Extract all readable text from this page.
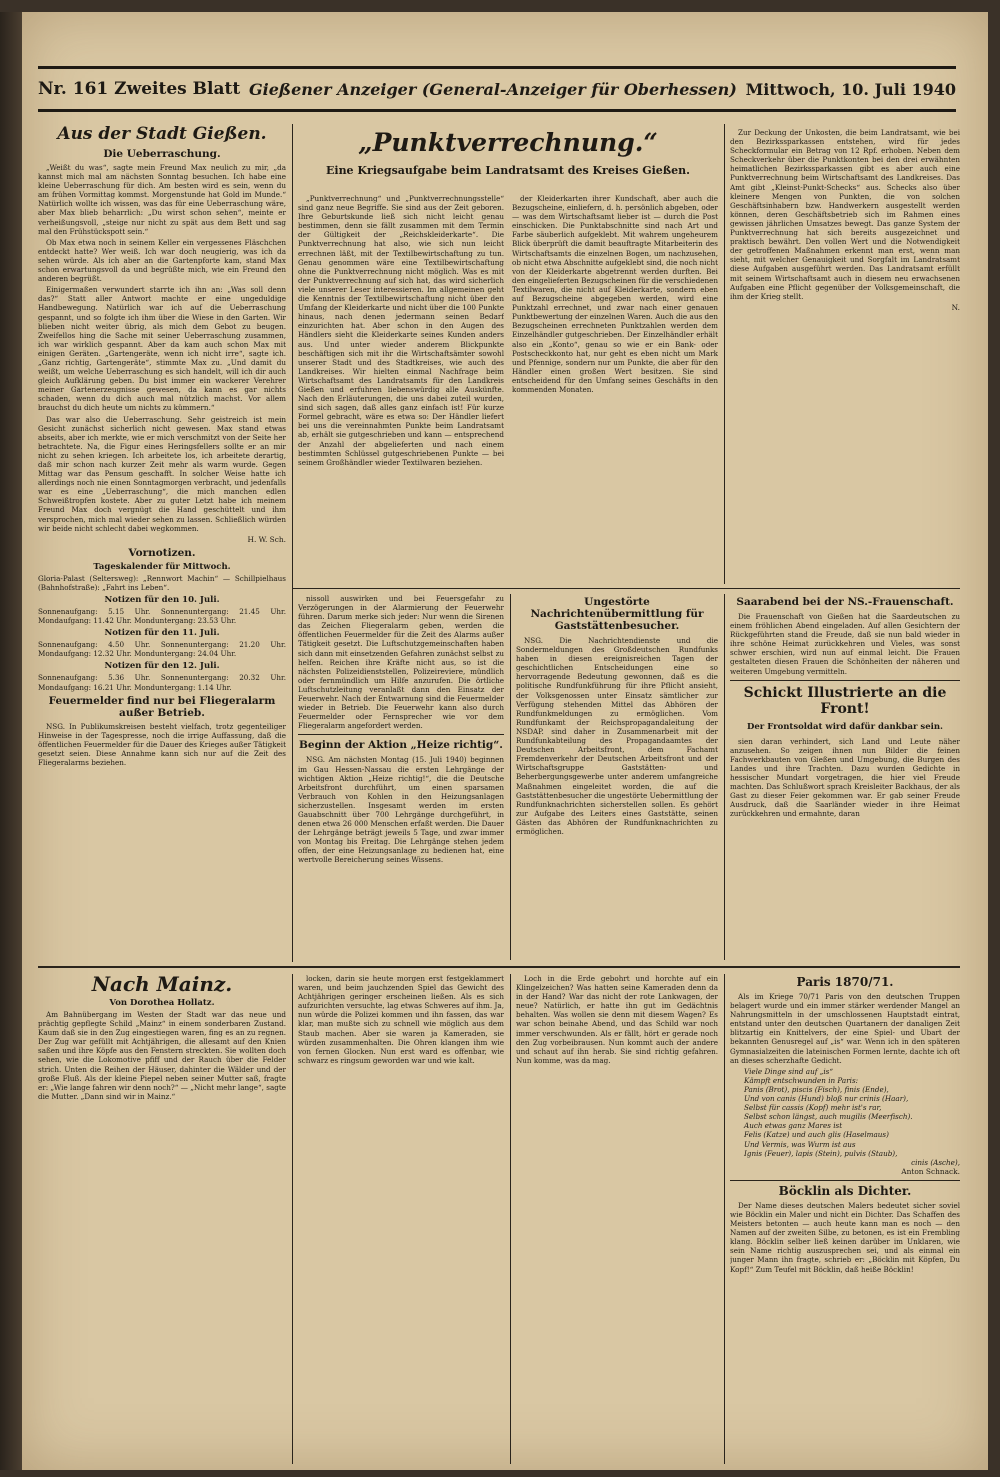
Nr. 161 Zweites Blatt Gießener Anzeiger (General-Anzeiger für Oberhessen) Mittwoch, 10. Juli 1940
Aus der Stadt Gießen.
Die Ueberraschung.

„Weißt du was“, sagte mein Freund Max neulich zu mir, „da kannst mich mal am nächsten Sonntag besuchen. Ich habe eine kleine Ueberraschung für dich. Am besten wird es sein, wenn du am frühen Vormittag kommst. Morgenstunde hat Gold im Munde.“ Natürlich wollte ich wissen, was das für eine Ueberraschung wäre, aber Max blieb beharrlich: „Du wirst schon sehen“, meinte er verheißungsvoll, „steige nur nicht zu spät aus dem Bett und sag mal den Frühstückspott sein.“

Ob Max etwa noch in seinem Keller ein vergessenes Fläschchen entdeckt hatte? Wer weiß. Ich war doch neugierig, was ich da sehen würde. Als ich aber an die Gartenpforte kam, stand Max schon erwartungsvoll da und begrüßte mich, wie ein Freund den anderen begrüßt.

Einigermaßen verwundert starrte ich ihn an: „Was soll denn das?“ Statt aller Antwort machte er eine ungeduldige Handbewegung. Natürlich war ich auf die Ueberraschung gespannt, und so folgte ich ihm über die Wiese in den Garten. Wir blieben nicht weiter übrig, als mich dem Gebot zu beugen. Zweifellos hing die Sache mit seiner Ueberraschung zusammen, ich war wirklich gespannt. Aber da kam auch schon Max mit einigen Geräten. „Gartengeräte, wenn ich nicht irre“, sagte ich. „Ganz richtig, Gartengeräte“, stimmte Max zu. „Und damit du weißt, um welche Ueberraschung es sich handelt, will ich dir auch gleich Aufklärung geben. Du bist immer ein wackerer Verehrer meiner Gartenerzeugnisse gewesen, da kann es gar nichts schaden, wenn du dich auch mal nützlich machst. Vor allem brauchst du dich heute um nichts zu kümmern.“

Das war also die Ueberraschung. Sehr geistreich ist mein Gesicht zunächst sicherlich nicht gewesen. Max stand etwas abseits, aber ich merkte, wie er mich verschmitzt von der Seite her betrachtete. Na, die Figur eines Heringsfellers sollte er an mir nicht zu sehen kriegen. Ich arbeitete los, ich arbeitete derartig, daß mir schon nach kurzer Zeit mehr als warm wurde. Gegen Mittag war das Pensum geschafft. In solcher Weise hatte ich allerdings noch nie einen Sonntagmorgen verbracht, und jedenfalls war es eine „Ueberraschung“, die mich manchen edlen Schweißtropfen kostete. Aber zu guter Letzt habe ich meinem Freund Max doch vergnügt die Hand geschüttelt und ihm versprochen, mich mal wieder sehen zu lassen. Schließlich würden wir beide nicht schlecht dabei wegkommen.

H. W. Sch.

Vornotizen.
Tageskalender für Mittwoch.

Gloria-Palast (Seltersweg): „Rennwort Machin“ — Schillpielhaus (Bahnhofstraße): „Fahrt ins Leben“.

Notizen für den 10. Juli.

Sonnenaufgang: 5.15 Uhr. Sonnenuntergang: 21.45 Uhr. Mondaufgang: 11.42 Uhr. Monduntergang: 23.53 Uhr.

Notizen für den 11. Juli.

Sonnenaufgang: 4.50 Uhr. Sonnenuntergang: 21.20 Uhr. Mondaufgang: 12.32 Uhr. Monduntergang: 24.04 Uhr.

Notizen für den 12. Juli.

Sonnenaufgang: 5.36 Uhr. Sonnenuntergang: 20.32 Uhr. Mondaufgang: 16.21 Uhr. Monduntergang: 1.14 Uhr.

Feuermelder find nur bei Fliegeralarm außer Betrieb.

NSG. In Publikumskreisen besteht vielfach, trotz gegenteiliger Hinweise in der Tagespresse, noch die irrige Auffassung, daß die öffentlichen Feuermelder für die Dauer des Krieges außer Tätigkeit gesetzt seien. Diese Annahme kann sich nur auf die Zeit des Fliegeralarms beziehen.

„Punktverrechnung.“

Eine Kriegsaufgabe beim Landratsamt des Kreises Gießen.

„Punktverrechnung“ und „Punktverrechnungsstelle“ sind ganz neue Begriffe. Sie sind aus der Zeit geboren. Ihre Geburtskunde ließ sich nicht leicht genau bestimmen, denn sie fällt zusammen mit dem Termin der Gültigkeit der „Reichskleiderkarte“. Die Punktverrechnung hat also, wie sich nun leicht errechnen läßt, mit der Textilbewirtschaftung zu tun. Genau genommen wäre eine Textilbewirtschaftung ohne die Punktverrechnung nicht möglich. Was es mit der Punktverrechnung auf sich hat, das wird sicherlich viele unserer Leser interessieren. Im allgemeinen geht die Kenntnis der Textilbewirtschaftung nicht über den Umfang der Kleiderkarte und nicht über die 100 Punkte hinaus, nach denen jedermann seinen Bedarf einzurichten hat. Aber schon in den Augen des Händlers sieht die Kleiderkarte seines Kunden anders aus. Und unter wieder anderem Blickpunkte beschäftigen sich mit ihr die Wirtschaftsämter sowohl unserer Stadt und des Stadtkreises, wie auch des Landkreises. Wir hielten einmal Nachfrage beim Wirtschaftsamt des Landratsamts für den Landkreis Gießen und erfuhren liebenswürdig alle Auskünfte. Nach den Erläuterungen, die uns dabei zuteil wurden, sind sich sagen, daß alles ganz einfach ist! Für kurze Formel gebracht, wäre es etwa so: Der Händler liefert bei uns die vereinnahmten Punkte beim Landratsamt ab, erhält sie gutgeschrieben und kann — entsprechend der Anzahl der abgelieferten und nach einem bestimmten Schlüssel gutgeschriebenen Punkte — bei seinem Großhändler wieder Textilwaren beziehen.

der Kleiderkarten ihrer Kundschaft, aber auch die Bezugscheine, einliefern, d. h. persönlich abgeben, oder — was dem Wirtschaftsamt lieber ist — durch die Post einschicken. Die Punktabschnitte sind nach Art und Farbe säuberlich aufgeklebt. Mit wahrem ungeheurem Blick überprüft die damit beauftragte Mitarbeiterin des Wirtschaftsamts die einzelnen Bogen, um nachzusehen, ob nicht etwa Abschnitte aufgeklebt sind, die noch nicht von der Kleiderkarte abgetrennt werden durften. Bei den eingelieferten Bezugscheinen für die verschiedenen Textilwaren, die nicht auf Kleiderkarte, sondern eben auf Bezugscheine abgegeben werden, wird eine Punktzahl errechnet, und zwar nach einer genauen Punktbewertung der einzelnen Waren. Auch die aus den Bezugscheinen errechneten Punktzahlen werden dem Einzelhändler gutgeschrieben. Der Einzelhändler erhält also ein „Konto“, genau so wie er ein Bank- oder Postscheckkonto hat, nur geht es eben nicht um Mark und Pfennige, sondern nur um Punkte, die aber für den Händler einen großen Wert besitzen. Sie sind entscheidend für den Umfang seines Geschäfts in den kommenden Monaten.

Zur Deckung der Unkosten, die beim Landratsamt, wie bei den Bezirkssparkassen entstehen, wird für jedes Scheckformular ein Betrag von 12 Rpf. erhoben. Neben dem Scheckverkehr über die Punktkonten bei den drei erwähnten heimatlichen Bezirkssparkassen gibt es aber auch eine Punktverrechnung beim Wirtschaftsamt des Landkreises. Das Amt gibt „Kleinst-Punkt-Schecks“ aus. Schecks also über kleinere Mengen von Punkten, die von solchen Geschäftsinhabern bzw. Handwerkern ausgestellt werden können, deren Geschäftsbetrieb sich im Rahmen eines gewissen jährlichen Umsatzes bewegt. Das ganze System der Punktverrechnung hat sich bereits ausgezeichnet und praktisch bewährt. Den vollen Wert und die Notwendigkeit der getroffenen Maßnahmen erkennt man erst, wenn man sieht, mit welcher Genauigkeit und Sorgfalt im Landratsamt diese Aufgaben ausgeführt werden. Das Landratsamt erfüllt mit seinem Wirtschaftsamt auch in diesem neu erwachsenen Aufgaben eine Pflicht gegenüber der Volksgemeinschaft, die ihm der Krieg stellt.

N.

nissoll auswirken und bei Feuersgefahr zu Verzögerungen in der Alarmierung der Feuerwehr führen. Darum merke sich jeder: Nur wenn die Sirenen das Zeichen Fliegeralarm geben, werden die öffentlichen Feuermelder für die Zeit des Alarms außer Tätigkeit gesetzt. Die Luftschutzgemeinschaften haben sich dann mit einsetzenden Gefahren zunächst selbst zu helfen. Reichen ihre Kräfte nicht aus, so ist die nächsten Polizeidienststellen, Polizeireviere, mündlich oder fernmündlich um Hilfe anzurufen. Die örtliche Luftschutzleitung veranlaßt dann den Einsatz der Feuerwehr. Nach der Entwarnung sind die Feuermelder wieder in Betrieb. Die Feuerwehr kann also durch Feuermelder oder Fernsprecher wie vor dem Fliegeralarm angefordert werden.

Beginn der Aktion „Heize richtig“.

NSG. Am nächsten Montag (15. Juli 1940) beginnen im Gau Hessen-Nassau die ersten Lehrgänge der wichtigen Aktion „Heize richtig!“, die die Deutsche Arbeitsfront durchführt, um einen sparsamen Verbrauch von Kohlen in den Heizungsanlagen sicherzustellen. Insgesamt werden im ersten Gauabschnitt über 700 Lehrgänge durchgeführt, in denen etwa 26 000 Menschen erfaßt werden. Die Dauer der Lehrgänge beträgt jeweils 5 Tage, und zwar immer von Montag bis Freitag. Die Lehrgänge stehen jedem offen, der eine Heizungsanlage zu bedienen hat, eine wertvolle Bereicherung seines Wissens.

Ungestörte Nachrichtenübermittlung für Gaststättenbesucher.

NSG. Die Nachrichtendienste und die Sondermeldungen des Großdeutschen Rundfunks haben in diesen ereignisreichen Tagen der geschichtlichen Entscheidungen eine so hervorragende Bedeutung gewonnen, daß es die politische Rundfunkführung für ihre Pflicht ansieht, der Volksgenossen unter Einsatz sämtlicher zur Verfügung stehenden Mittel das Abhören der Rundfunkmeldungen zu ermöglichen. Vom Rundfunkamt der Reichspropagandaleitung der NSDAP. sind daher in Zusammenarbeit mit der Rundfunkabteilung des Propagandaamtes der Deutschen Arbeitsfront, dem Fachamt Fremdenverkehr der Deutschen Arbeitsfront und der Wirtschaftsgruppe Gaststätten- und Beherbergungsgewerbe unter anderem umfangreiche Maßnahmen eingeleitet worden, die auf die Gaststättenbesucher die ungestörte Uebermittlung der Rundfunknachrichten sicherstellen sollen. Es gehört zur Aufgabe des Leiters eines Gaststätte, seinen Gästen das Abhören der Rundfunknachrichten zu ermöglichen.

Saarabend bei der NS.-Frauenschaft.

Die Frauenschaft von Gießen hat die Saardeutschen zu einem fröhlichen Abend eingeladen. Auf allen Gesichtern der Rückgeführten stand die Freude, daß sie nun bald wieder in ihre schöne Heimat zurückkehren und Vieles, was sonst schwer erschien, wird nun auf einmal leicht. Die Frauen gestalteten diesen Frauen die Schönheiten der näheren und weiteren Umgebung vermitteln.

Schickt Illustrierte an die Front!
Der Frontsoldat wird dafür dankbar sein.

sien daran verhindert, sich Land und Leute näher anzusehen. So zeigen ihnen nun Bilder die feinen Fachwerkbauten von Gießen und Umgebung, die Burgen des Landes und ihre Trachten. Dazu wurden Gedichte in hessischer Mundart vorgetragen, die hier viel Freude machten. Das Schlußwort sprach Kreisleiter Backhaus, der als Gast zu dieser Feier gekommen war. Er gab seiner Freude Ausdruck, daß die Saarländer wieder in ihre Heimat zurückkehren und ermahnte, daran

Nach Mainz.
Von Dorothea Hollatz.

Am Bahnübergang im Westen der Stadt war das neue und prächtig gepflegte Schild „Mainz“ in einem sonderbaren Zustand. Kaum daß sie in den Zug eingestiegen waren, fing es an zu regnen. Der Zug war gefüllt mit Achtjährigen, die allesamt auf den Knien saßen und ihre Köpfe aus den Fenstern streckten. Sie wollten doch sehen, wie die Lokomotive pfiff und der Rauch über die Felder strich. Unten die Reihen der Häuser, dahinter die Wälder und der große Fluß. Als der kleine Piepel neben seiner Mutter saß, fragte er: „Wie lange fahren wir denn noch?“ — „Nicht mehr lange“, sagte die Mutter. „Dann sind wir in Mainz.“

locken, darin sie heute morgen erst festgeklammert waren, und beim jauchzenden Spiel das Gewicht des Achtjährigen geringer erscheinen ließen. Als es sich aufzurichten versuchte, lag etwas Schweres auf ihm. Ja, nun würde die Polizei kommen und ihn fassen, das war klar, man mußte sich zu schnell wie möglich aus dem Staub machen. Aber sie waren ja Kameraden, sie würden zusammenhalten. Die Ohren klangen ihm wie von fernen Glocken. Nun erst ward es offenbar, wie schwarz es ringsum geworden war und wie kalt.

Loch in die Erde gebohrt und horchte auf ein Klingelzeichen? Was hatten seine Kameraden denn da in der Hand? War das nicht der rote Lankwagen, der neue? Natürlich, er hatte ihn gut im Gedächtnis behalten. Was wollen sie denn mit diesem Wagen? Es war schon beinahe Abend, und das Schild war noch immer verschwunden. Als er fällt, hört er gerade noch den Zug vorbeibrausen. Nun kommt auch der andere und schaut auf ihn herab. Sie sind richtig gefahren. Nun komme, was da mag.

Paris 1870/71.

Als im Kriege 70/71 Paris von den deutschen Truppen belagert wurde und ein immer stärker werdender Mangel an Nahrungsmitteln in der umschlossenen Hauptstadt eintrat, entstand unter den deutschen Quartanern der danaligen Zeit blitzartig ein Knittelvers, der eine Spiel- und Ubart der bekannten Genusregel auf „is“ war. Wenn ich in den späteren Gymnasialzeiten die lateinischen Formen lernte, dachte ich oft an dieses scherzhafte Gedicht.

Viele Dinge sind auf „is“
Kämpft entschwunden in Paris:
Panis (Brot), piscis (Fisch), finis (Ende),
Und von canis (Hund) bloß nur crinis (Haar),
Selbst für cassis (Kopf) mehr ist's rar,
Selbst schon längst, auch mugilis (Meerfisch).
Auch etwas ganz Mares ist
Felis (Katze) und auch glis (Haselmaus)
Und Vermis, was Wurm ist aus
Ignis (Feuer), lapis (Stein), pulvis (Staub),
cinis (Asche),

Anton Schnack.

Böcklin als Dichter.

Der Name dieses deutschen Malers bedeutet sicher soviel wie Böcklin ein Maler und nicht ein Dichter. Das Schaffen des Meisters betonten — auch heute kann man es noch — den Namen auf der zweiten Silbe, zu betonen, es ist ein Frembling klang. Böcklin selber ließ keinen darüber im Unklaren, wie sein Name richtig auszusprechen sei, und als einmal ein junger Mann ihn fragte, schrieb er: „Böcklin mit Köpfen, Du Kopf!“ Zum Teufel mit Böcklin, daß heiße Böcklin!
